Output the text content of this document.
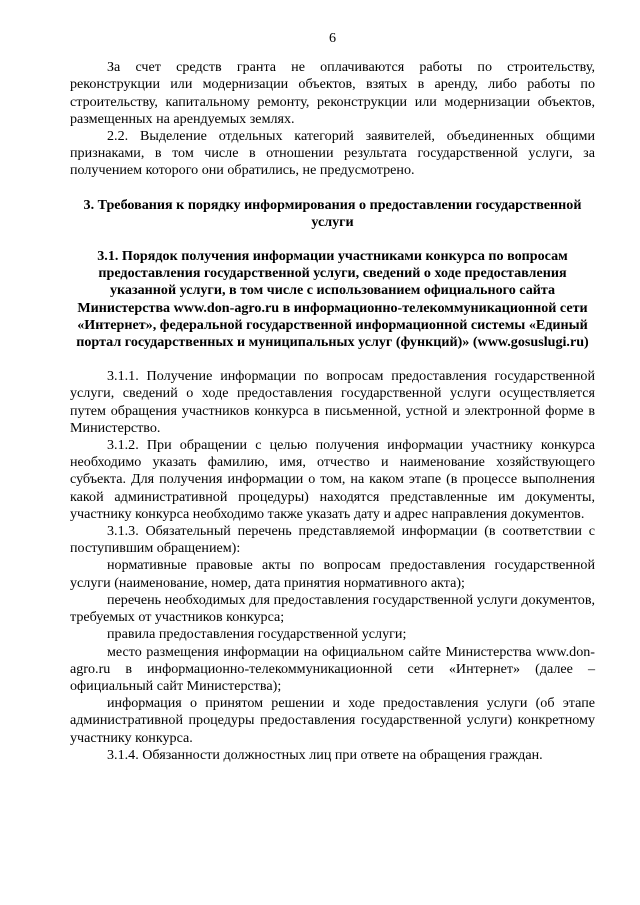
6

За счет средств гранта не оплачиваются работы по строительству, реконструкции или модернизации объектов, взятых в аренду, либо работы по строительству, капитальному ремонту, реконструкции или модернизации объектов, размещенных на арендуемых землях.

2.2. Выделение отдельных категорий заявителей, объединенных общими признаками, в том числе в отношении результата государственной услуги, за получением которого они обратились, не предусмотрено.

3. Требования к порядку информирования о предоставлении государственной услуги

3.1. Порядок получения информации участниками конкурса по вопросам предоставления государственной услуги, сведений о ходе предоставления указанной услуги, в том числе с использованием официального сайта Министерства www.don-agro.ru в информационно-телекоммуникационной сети «Интернет», федеральной государственной информационной системы «Единый портал государственных и муниципальных услуг (функций)» (www.gosuslugi.ru)

3.1.1. Получение информации по вопросам предоставления государственной услуги, сведений о ходе предоставления государственной услуги осуществляется путем обращения участников конкурса в письменной, устной и электронной форме в Министерство.

3.1.2. При обращении с целью получения информации участнику конкурса необходимо указать фамилию, имя, отчество и наименование хозяйствующего субъекта. Для получения информации о том, на каком этапе (в процессе выполнения какой административной процедуры) находятся представленные им документы, участнику конкурса необходимо также указать дату и адрес направления документов.

3.1.3. Обязательный перечень представляемой информации (в соответствии с поступившим обращением):

нормативные правовые акты по вопросам предоставления государственной услуги (наименование, номер, дата принятия нормативного акта);

перечень необходимых для предоставления государственной услуги документов, требуемых от участников конкурса;

правила предоставления государственной услуги;

место размещения информации на официальном сайте Министерства www.don-agro.ru в информационно-телекоммуникационной сети «Интернет» (далее – официальный сайт Министерства);

информация о принятом решении и ходе предоставления услуги (об этапе административной процедуры предоставления государственной услуги) конкретному участнику конкурса.

3.1.4. Обязанности должностных лиц при ответе на обращения граждан.
